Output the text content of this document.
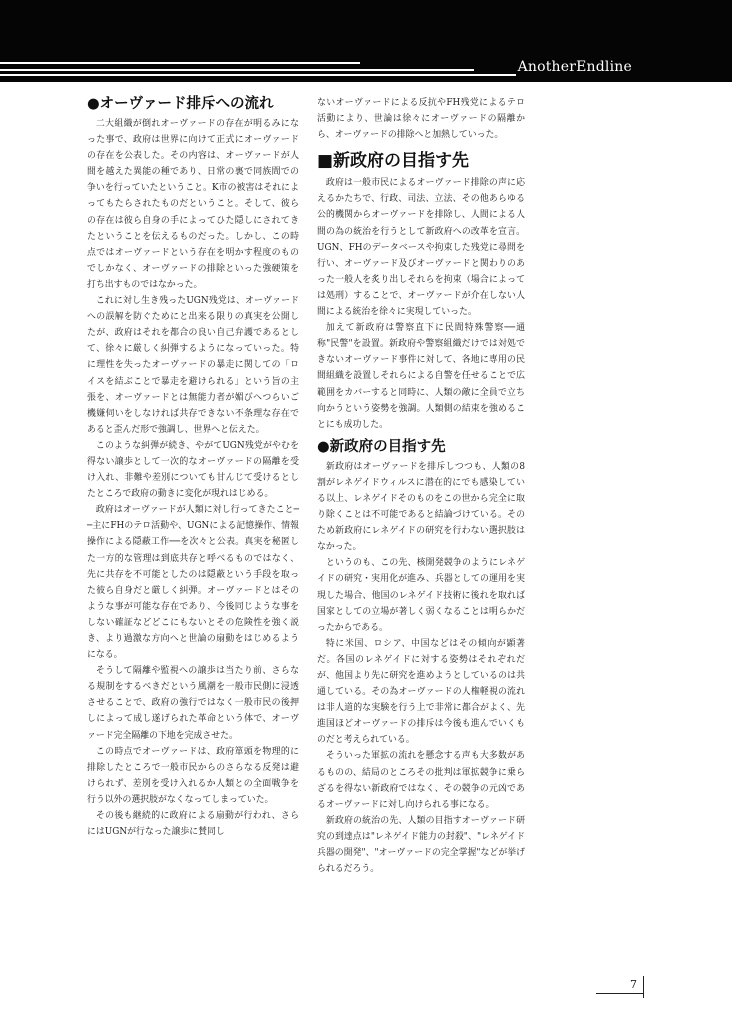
AnotherEndline
●オーヴァード排斥への流れ

二大組織が倒れオーヴァードの存在が明るみになった事で、政府は世界に向けて正式にオーヴァードの存在を公表した。その内容は、オーヴァードが人間を越えた異能の種であり、日常の裏で同族間での争いを行っていたということ。K市の被害はそれによってもたらされたものだということ。そして、彼らの存在は彼ら自身の手によってひた隠しにされてきたということを伝えるものだった。しかし、この時点ではオーヴァードという存在を明かす程度のものでしかなく、オーヴァードの排除といった強硬策を打ち出すものではなかった。

これに対し生き残ったUGN残党は、オーヴァードへの誤解を防ぐためにと出来る限りの真実を公開したが、政府はそれを都合の良い自己弁護であるとして、徐々に厳しく糾弾するようになっていった。特に理性を失ったオーヴァードの暴走に関しての「ロイスを結ぶことで暴走を避けられる」という旨の主張を、オーヴァードとは無能力者が媚びへつらいご機嫌伺いをしなければ共存できない不条理な存在であると歪んだ形で強調し、世界へと伝えた。

このような糾弾が続き、やがてUGN残党がやむを得ない譲歩として一次的なオーヴァードの隔離を受け入れ、非難や差別についても甘んじて受けるとしたところで政府の動きに変化が現れはじめる。

政府はオーヴァードが人類に対し行ってきたこと──主にFHのテロ活動や、UGNによる記憶操作、情報操作による隠蔽工作──を次々と公表。真実を秘匿した一方的な管理は到底共存と呼べるものではなく、先に共存を不可能としたのは隠蔽という手段を取った彼ら自身だと厳しく糾弾。オーヴァードとはそのような事が可能な存在であり、今後同じような事をしない確証などどこにもないとその危険性を強く説き、より過激な方向へと世論の扇動をはじめるようになる。

そうして隔離や監視への譲歩は当たり前、さらなる規制をするべきだという風潮を一般市民側に浸透させることで、政府の強行ではなく一般市民の後押しによって成し遂げられた革命という体で、オーヴァード完全隔離の下地を完成させた。

この時点でオーヴァードは、政府箪頭を物理的に排除したところで一般市民からのさらなる反発は避けられず、差別を受け入れるか人類との全面戦争を行う以外の選択肢がなくなってしまっていた。

その後も継続的に政府による扇動が行われ、さらにはUGNが行なった譲歩に賛同し

ないオーヴァードによる反抗やFH残党によるテロ活動により、世論は徐々にオーヴァードの隔離から、オーヴァードの排除へと加熱していった。

■新政府の目指す先

政府は一般市民によるオーヴァード排除の声に応えるかたちで、行政、司法、立法、その他あらゆる公的機関からオーヴァードを排除し、人間による人間の為の統治を行うとして新政府への改革を宣言。UGN、FHのデータベースや拘束した残党に尋問を行い、オーヴァード及びオーヴァードと関わりのあった一般人を炙り出しそれらを拘束（場合によっては処刑）することで、オーヴァードが介在しない人間による統治を徐々に実現していった。

加えて新政府は警察直下に民間特殊警察──通称"民警"を設置。新政府や警察組織だけでは対処できないオーヴァード事件に対して、各地に専用の民間組織を設置しそれらによる自警を任せることで広範囲をカバーすると同時に、人類の敵に全員で立ち向かうという姿勢を強調。人類側の結束を強めることにも成功した。

●新政府の目指す先

新政府はオーヴァードを排斥しつつも、人類の8割がレネゲイドウィルスに潜在的にでも感染している以上、レネゲイドそのものをこの世から完全に取り除くことは不可能であると結論づけている。そのため新政府にレネゲイドの研究を行わない選択肢はなかった。

というのも、この先、核開発競争のようにレネゲイドの研究・実用化が進み、兵器としての運用を実現した場合、他国のレネゲイド技術に後れを取れば国家としての立場が著しく弱くなることは明らかだったからである。

特に米国、ロシア、中国などはその傾向が顕著だ。各国のレネゲイドに対する姿勢はそれぞれだが、他国より先に研究を進めようとしているのは共通している。その為オーヴァードの人権軽視の流れは非人道的な実験を行う上で非常に都合がよく、先進国ほどオーヴァードの排斥は今後も進んでいくものだと考えられている。

そういった軍拡の流れを懸念する声も大多数があるものの、結局のところその批判は軍拡競争に乗らざるを得ない新政府ではなく、その競争の元凶であるオーヴァードに対し向けられる事になる。

新政府の統治の先、人類の目指すオーヴァード研究の到達点は"レネゲイド能力の封殺"、"レネゲイド兵器の開発"、"オーヴァードの完全掌握"などが挙げられるだろう。

7
